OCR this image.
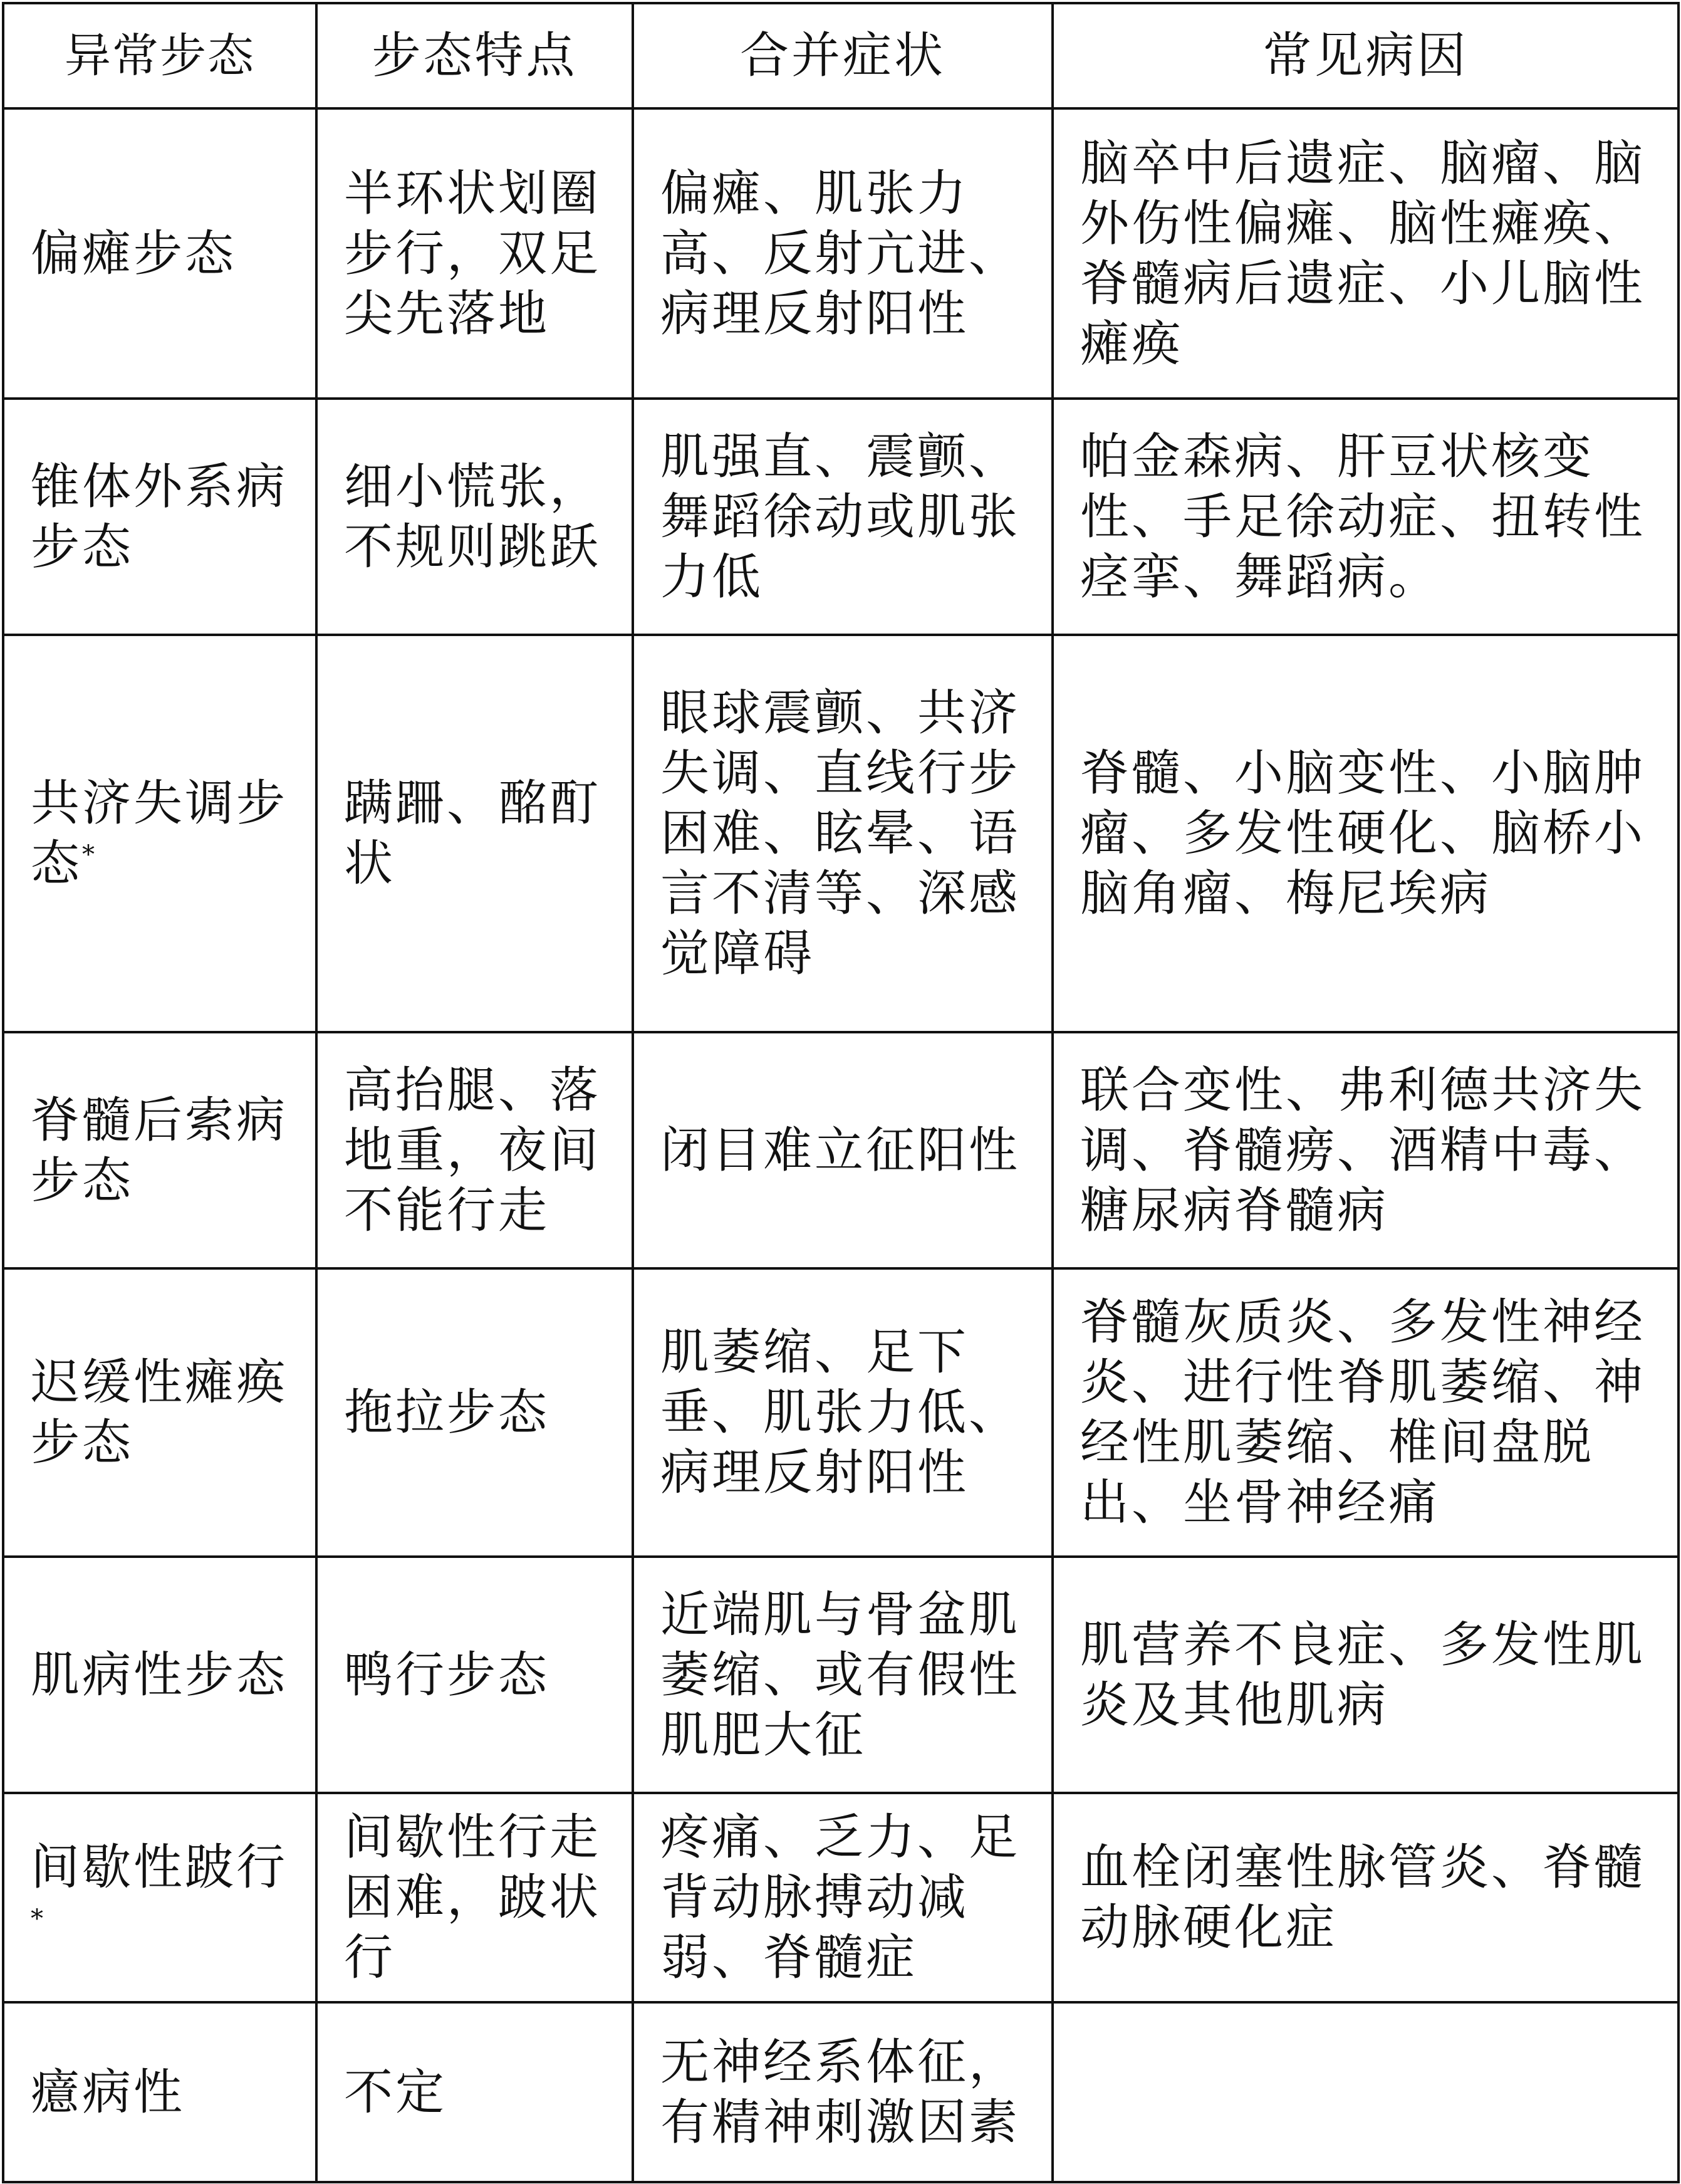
异常步态	步态特点	合并症状	常见病因
偏瘫步态	半环状划圈步行，双足尖先落地	偏瘫、肌张力高、反射亢进、病理反射阳性	脑卒中后遗症、脑瘤、脑外伤性偏瘫、脑性瘫痪、脊髓病后遗症、小儿脑性瘫痪
锥体外系病步态	细小慌张，不规则跳跃	肌强直、震颤、舞蹈徐动或肌张力低	帕金森病、肝豆状核变性、手足徐动症、扭转性痉挛、舞蹈病。
共济失调步态*	蹒跚、酩酊状	眼球震颤、共济失调、直线行步困难、眩晕、语言不清等、深感觉障碍	脊髓、小脑变性、小脑肿瘤、多发性硬化、脑桥小脑角瘤、梅尼埃病
脊髓后索病步态	高抬腿、落地重，夜间不能行走	闭目难立征阳性	联合变性、弗利德共济失调、脊髓痨、酒精中毒、糖尿病脊髓病
迟缓性瘫痪步态	拖拉步态	肌萎缩、足下垂、肌张力低、病理反射阳性	脊髓灰质炎、多发性神经炎、进行性脊肌萎缩、神经性肌萎缩、椎间盘脱出、坐骨神经痛
肌病性步态	鸭行步态	近端肌与骨盆肌萎缩、或有假性肌肥大征	肌营养不良症、多发性肌炎及其他肌病
间歇性跛行*	间歇性行走困难，跛状行	疼痛、乏力、足背动脉搏动减弱、脊髓症	血栓闭塞性脉管炎、脊髓动脉硬化症
癔病性	不定	无神经系体征，有精神刺激因素	
